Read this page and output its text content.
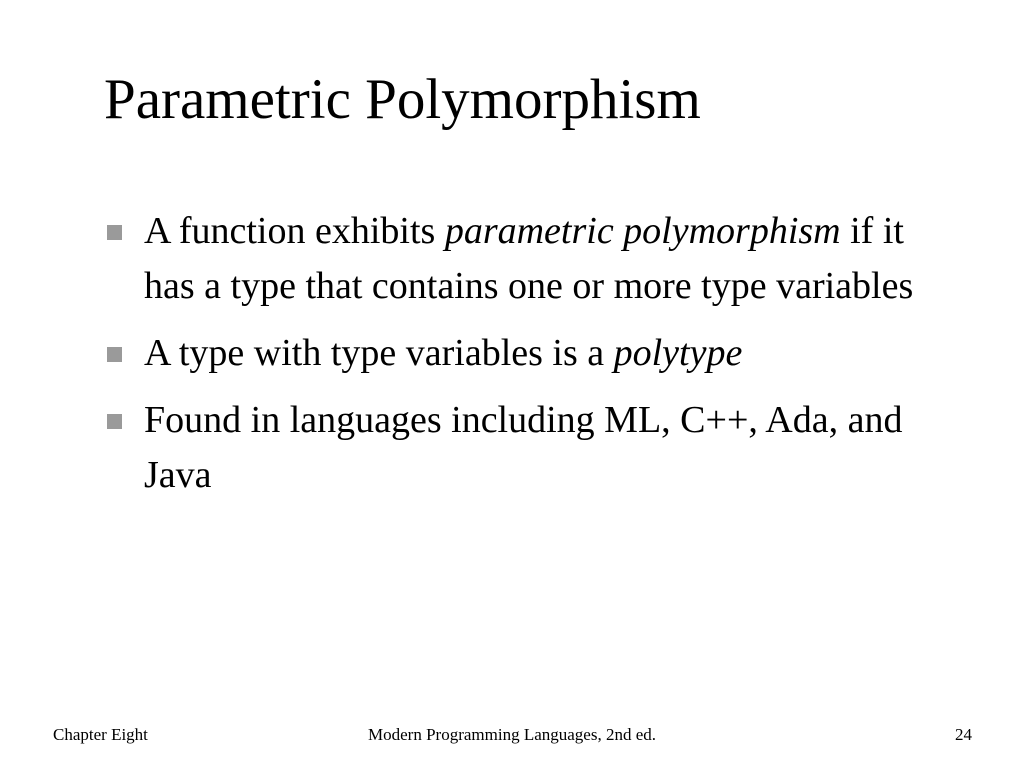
Parametric Polymorphism
A function exhibits parametric polymorphism if it has a type that contains one or more type variables
A type with type variables is a polytype
Found in languages including ML, C++, Ada, and Java
Chapter Eight	Modern Programming Languages, 2nd ed.	24
